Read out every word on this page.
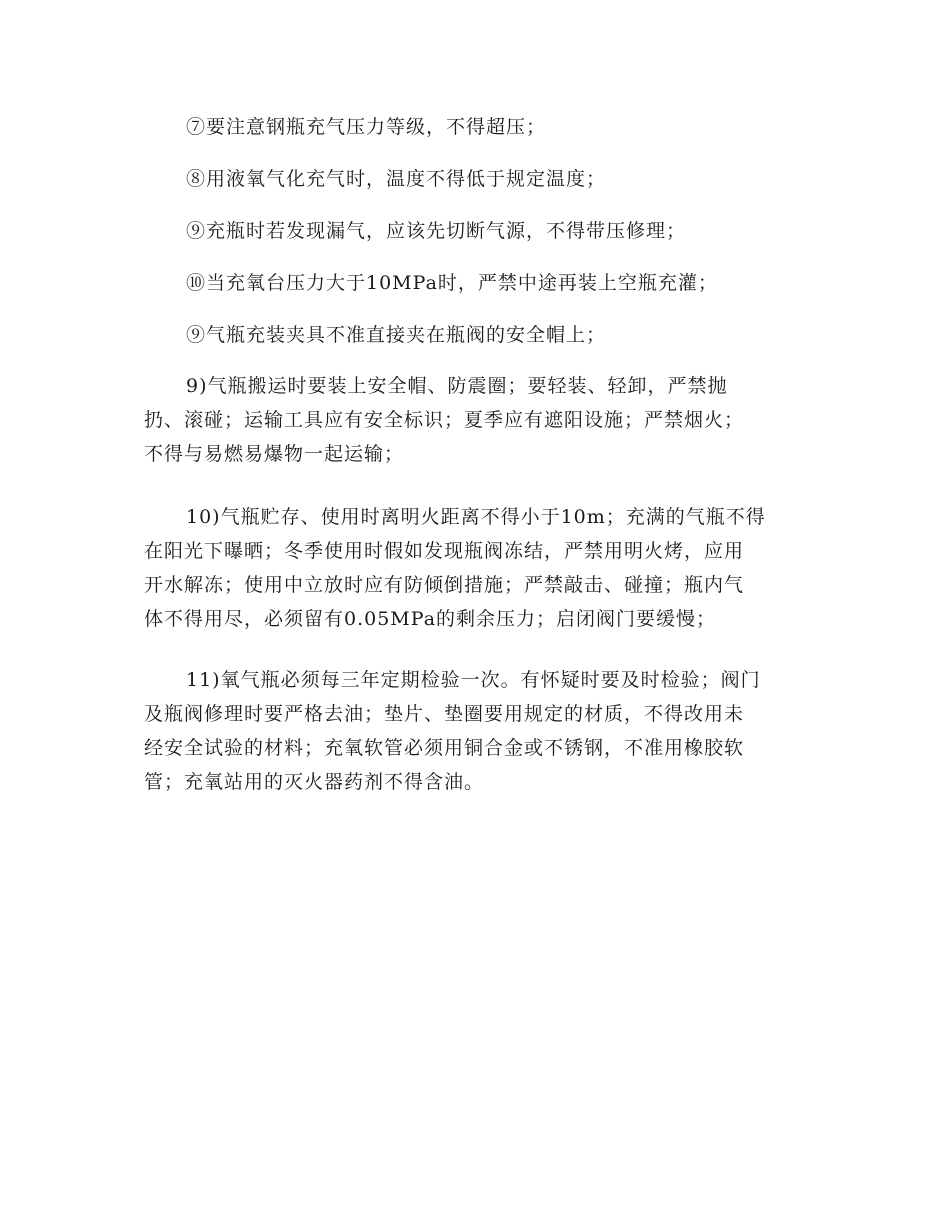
⑦要注意钢瓶充气压力等级，不得超压；
⑧用液氧气化充气时，温度不得低于规定温度；
⑨充瓶时若发现漏气，应该先切断气源，不得带压修理；
⑩当充氧台压力大于10MPa时，严禁中途再装上空瓶充灌；
⑨气瓶充装夹具不准直接夹在瓶阀的安全帽上；
9)气瓶搬运时要装上安全帽、防震圈；要轻装、轻卸，严禁抛
扔、滚碰；运输工具应有安全标识；夏季应有遮阳设施；严禁烟火；
不得与易燃易爆物一起运输；
10)气瓶贮存、使用时离明火距离不得小于10m；充满的气瓶不得
在阳光下曝晒；冬季使用时假如发现瓶阀冻结，严禁用明火烤，应用
开水解冻；使用中立放时应有防倾倒措施；严禁敲击、碰撞；瓶内气
体不得用尽，必须留有0.05MPa的剩余压力；启闭阀门要缓慢；
11)氧气瓶必须每三年定期检验一次。有怀疑时要及时检验；阀门
及瓶阀修理时要严格去油；垫片、垫圈要用规定的材质，不得改用未
经安全试验的材料；充氧软管必须用铜合金或不锈钢，不准用橡胶软
管；充氧站用的灭火器药剂不得含油。
